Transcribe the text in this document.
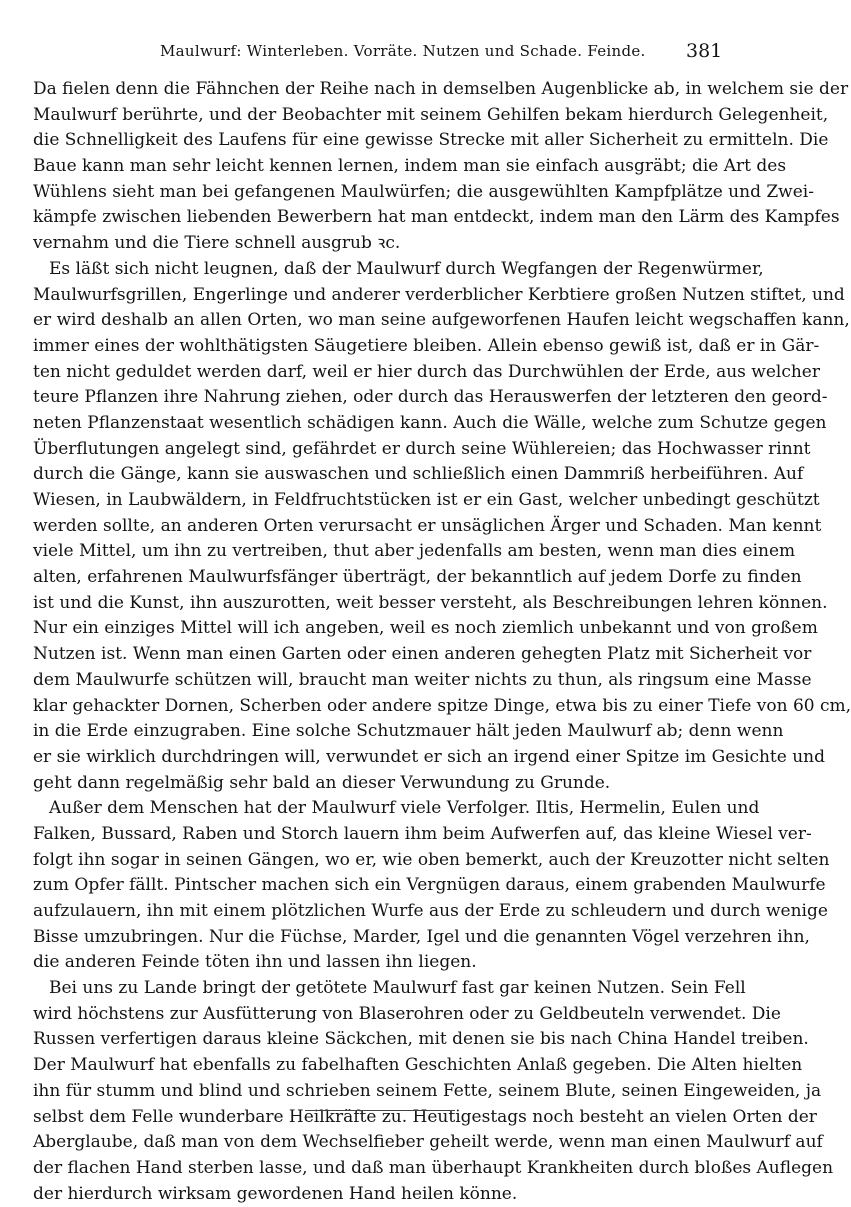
Maulwurf: Winterleben. Vorräte. Nutzen und Schade. Feinde. 381
Da fielen denn die Fähnchen der Reihe nach in demselben Augenblicke ab, in welchem sie der
Maulwurf berührte, und der Beobachter mit seinem Gehilfen bekam hierdurch Gelegenheit,
die Schnelligkeit des Laufens für eine gewisse Strecke mit aller Sicherheit zu ermitteln. Die
Baue kann man sehr leicht kennen lernen, indem man sie einfach ausgräbt; die Art des
Wühlens sieht man bei gefangenen Maulwürfen; die ausgewühlten Kampfplätze und Zwei-
kämpfe zwischen liebenden Bewerbern hat man entdeckt, indem man den Lärm des Kampfes
vernahm und die Tiere schnell ausgrub ꝛc.
Es läßt sich nicht leugnen, daß der Maulwurf durch Wegfangen der Regenwürmer,
Maulwurfsgrillen, Engerlinge und anderer verderblicher Kerbtiere großen Nutzen stiftet, und
er wird deshalb an allen Orten, wo man seine aufgeworfenen Haufen leicht wegschaffen kann,
immer eines der wohlthätigsten Säugetiere bleiben. Allein ebenso gewiß ist, daß er in Gär-
ten nicht geduldet werden darf, weil er hier durch das Durchwühlen der Erde, aus welcher
teure Pflanzen ihre Nahrung ziehen, oder durch das Herauswerfen der letzteren den geord-
neten Pflanzenstaat wesentlich schädigen kann. Auch die Wälle, welche zum Schutze gegen
Überflutungen angelegt sind, gefährdet er durch seine Wühlereien; das Hochwasser rinnt
durch die Gänge, kann sie auswaschen und schließlich einen Dammriß herbeiführen. Auf
Wiesen, in Laubwäldern, in Feldfruchtstücken ist er ein Gast, welcher unbedingt geschützt
werden sollte, an anderen Orten verursacht er unsäglichen Ärger und Schaden. Man kennt
viele Mittel, um ihn zu vertreiben, thut aber jedenfalls am besten, wenn man dies einem
alten, erfahrenen Maulwurfsfänger überträgt, der bekanntlich auf jedem Dorfe zu finden
ist und die Kunst, ihn auszurotten, weit besser versteht, als Beschreibungen lehren können.
Nur ein einziges Mittel will ich angeben, weil es noch ziemlich unbekannt und von großem
Nutzen ist. Wenn man einen Garten oder einen anderen gehegten Platz mit Sicherheit vor
dem Maulwurfe schützen will, braucht man weiter nichts zu thun, als ringsum eine Masse
klar gehackter Dornen, Scherben oder andere spitze Dinge, etwa bis zu einer Tiefe von 60 cm,
in die Erde einzugraben. Eine solche Schutzmauer hält jeden Maulwurf ab; denn wenn
er sie wirklich durchdringen will, verwundet er sich an irgend einer Spitze im Gesichte und
geht dann regelmäßig sehr bald an dieser Verwundung zu Grunde.
Außer dem Menschen hat der Maulwurf viele Verfolger. Iltis, Hermelin, Eulen und
Falken, Bussard, Raben und Storch lauern ihm beim Aufwerfen auf, das kleine Wiesel ver-
folgt ihn sogar in seinen Gängen, wo er, wie oben bemerkt, auch der Kreuzotter nicht selten
zum Opfer fällt. Pintscher machen sich ein Vergnügen daraus, einem grabenden Maulwurfe
aufzulauern, ihn mit einem plötzlichen Wurfe aus der Erde zu schleudern und durch wenige
Bisse umzubringen. Nur die Füchse, Marder, Igel und die genannten Vögel verzehren ihn,
die anderen Feinde töten ihn und lassen ihn liegen.
Bei uns zu Lande bringt der getötete Maulwurf fast gar keinen Nutzen. Sein Fell
wird höchstens zur Ausfütterung von Blaserohren oder zu Geldbeuteln verwendet. Die
Russen verfertigen daraus kleine Säckchen, mit denen sie bis nach China Handel treiben.
Der Maulwurf hat ebenfalls zu fabelhaften Geschichten Anlaß gegeben. Die Alten hielten
ihn für stumm und blind und schrieben seinem Fette, seinem Blute, seinen Eingeweiden, ja
selbst dem Felle wunderbare Heilkräfte zu. Heutigestags noch besteht an vielen Orten der
Aberglaube, daß man von dem Wechselfieber geheilt werde, wenn man einen Maulwurf auf
der flachen Hand sterben lasse, und daß man überhaupt Krankheiten durch bloßes Auflegen
der hierdurch wirksam gewordenen Hand heilen könne.
